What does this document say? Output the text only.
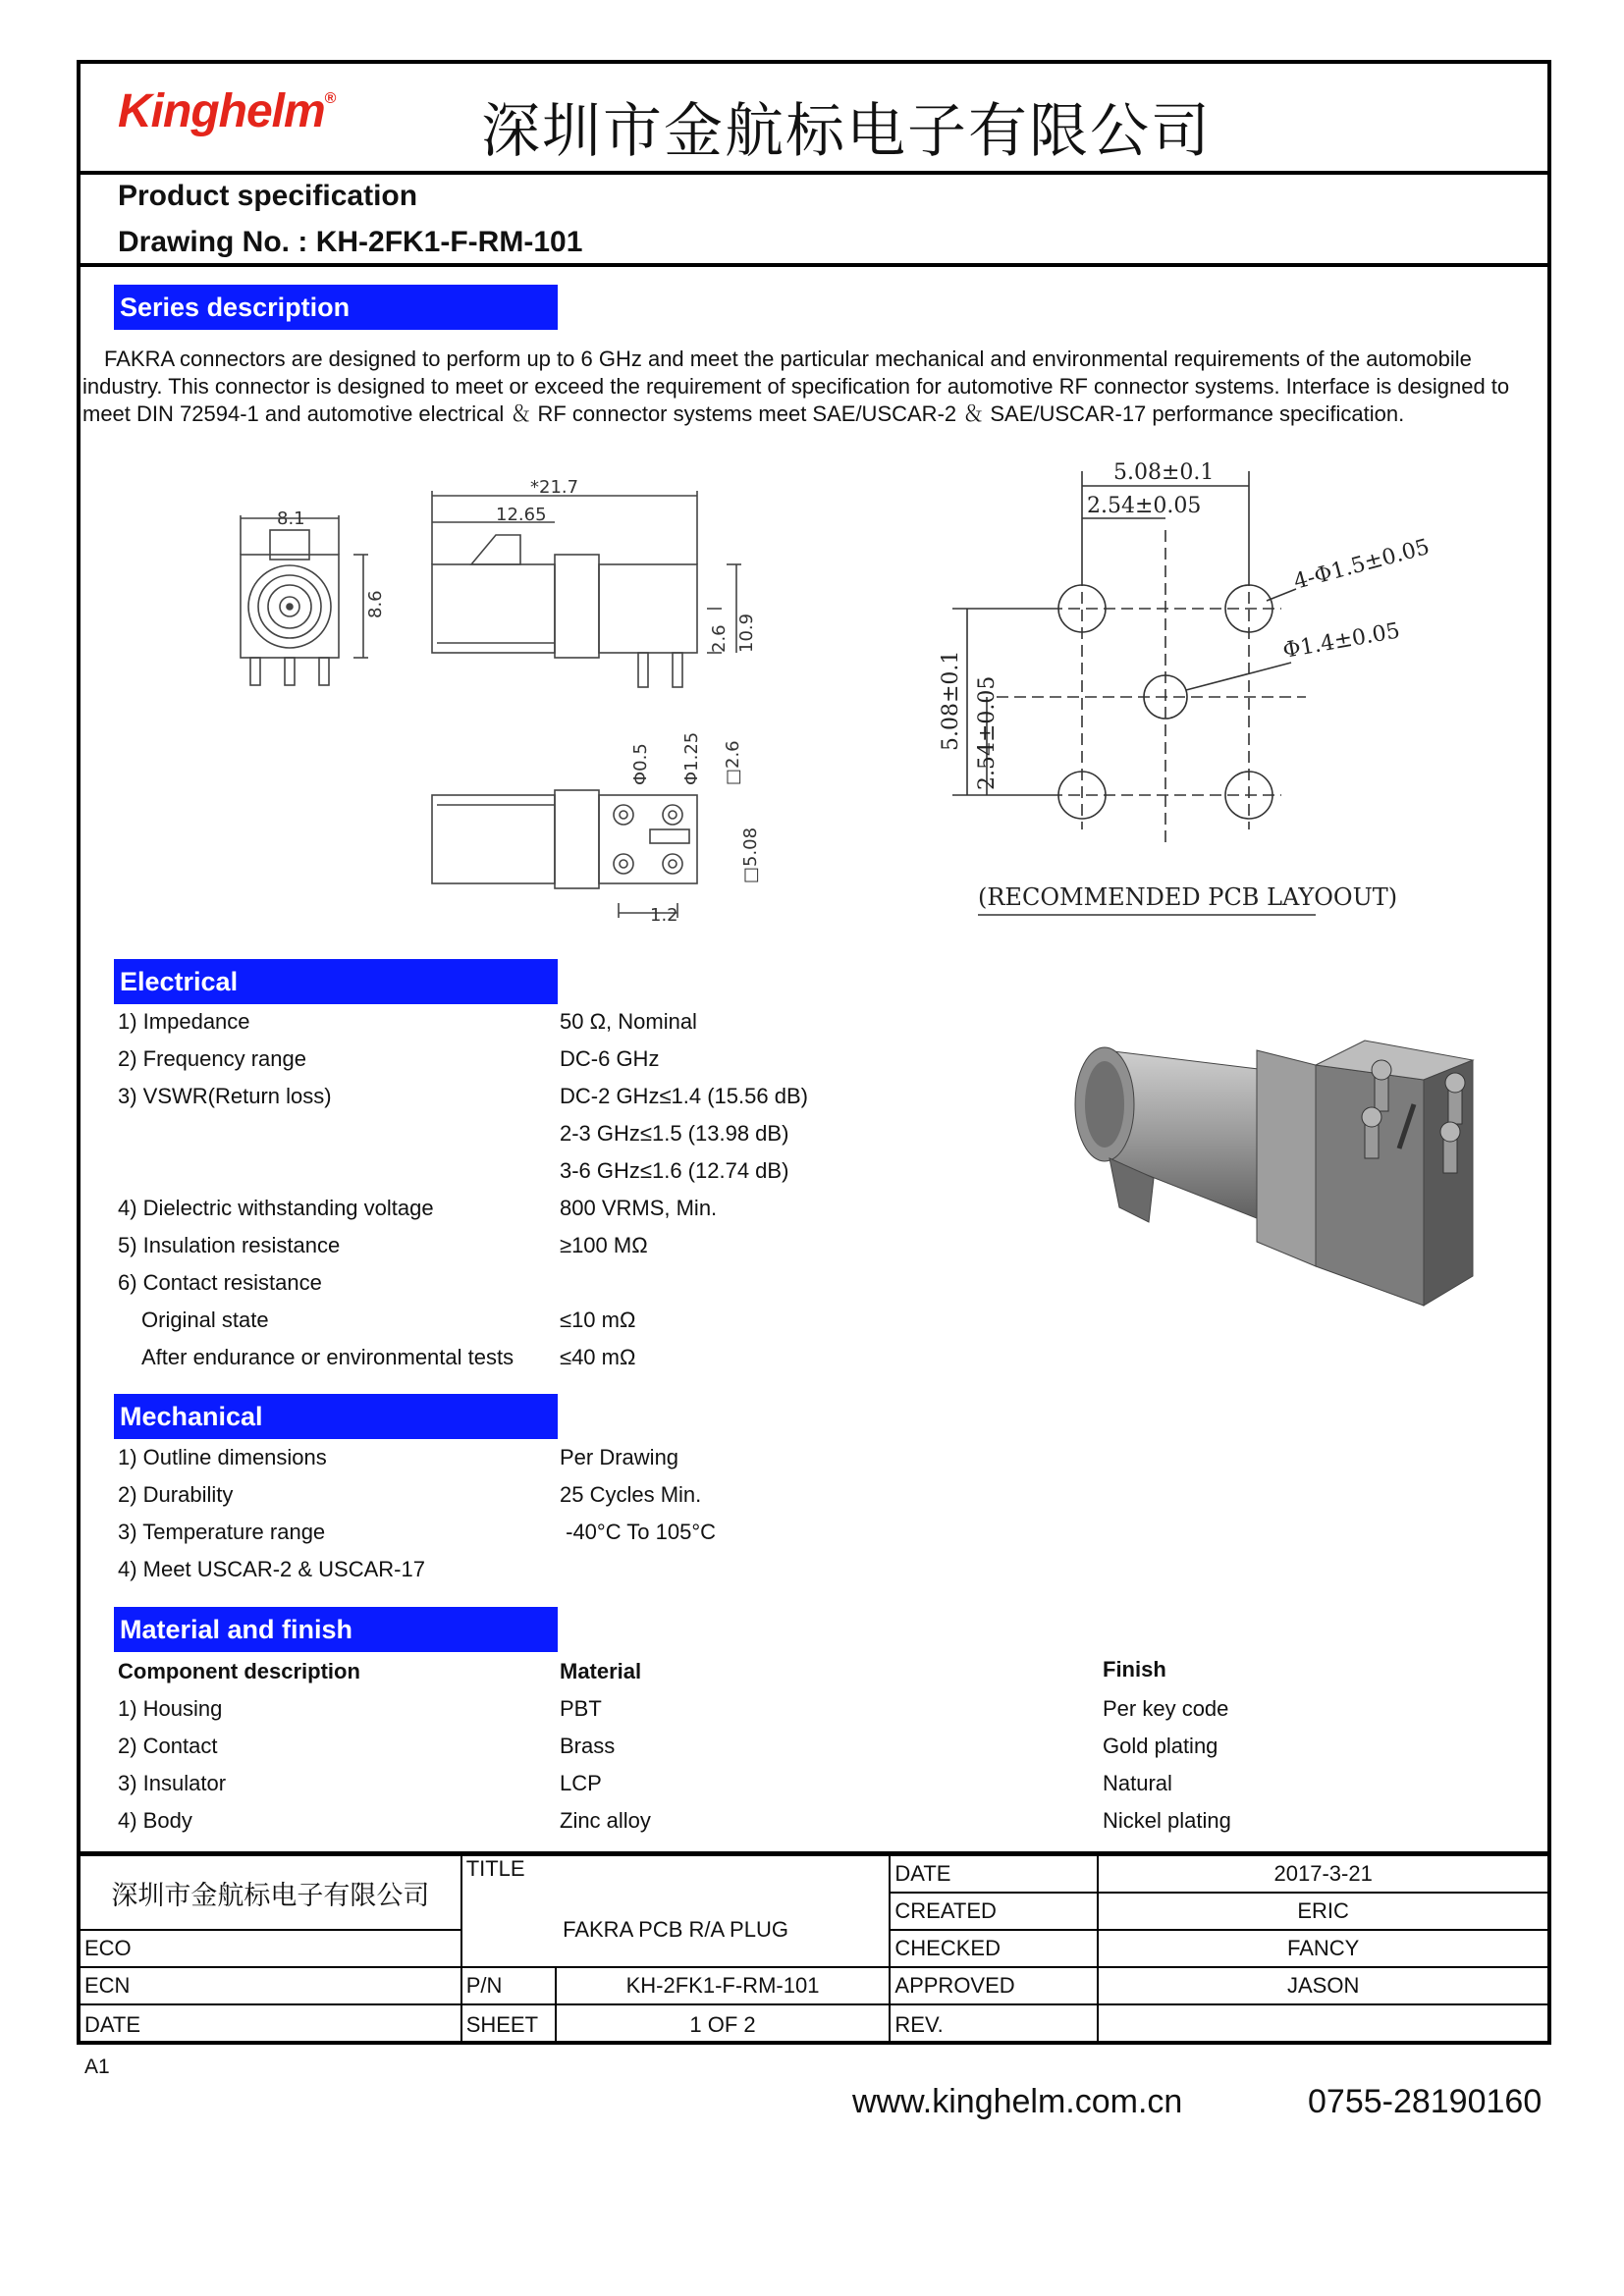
Kinghelm® 深圳市金航标电子有限公司
Product specification
Drawing No. : KH-2FK1-F-RM-101
Series description
FAKRA connectors are designed to perform up to 6 GHz and meet the particular mechanical and environmental requirements of the automobile industry. This connector is designed to meet or exceed the requirement of specification for automotive RF connector systems. Interface is designed to meet DIN 72594-1 and automotive electrical ＆ RF connector systems meet SAE/USCAR-2 ＆ SAE/USCAR-17 performance specification.
8.1
8.6
*21.7
12.65
2.6 10.9
Φ0.5 Φ1.25 □2.6
□5.08
1.2
5.08±0.1
2.54±0.05
4-Φ1.5±0.05
Φ1.4±0.05
5.08±0.1 2.54±0.05
(RECOMMENDED PCB LAYOOUT)
Electrical
1) Impedance	50 Ω, Nominal
2) Frequency range	DC-6 GHz
3) VSWR(Return loss)	DC-2 GHz≤1.4 (15.56 dB)
2-3 GHz≤1.5 (13.98 dB)
3-6 GHz≤1.6 (12.74 dB)
4) Dielectric withstanding voltage	800 VRMS, Min.
5) Insulation resistance	≥100 MΩ
6) Contact resistance
Original state	≤10 mΩ
After endurance or environmental tests ≤40 mΩ
Mechanical
1) Outline dimensions	Per Drawing
2) Durability	25 Cycles Min.
3) Temperature range	-40°C To 105°C
4) Meet USCAR-2 & USCAR-17
Material and finish
Component description	Material	Finish
1) Housing	PBT	Per key code
2) Contact	Brass	Gold plating
3) Insulator	LCP	Natural
4) Body	Zinc alloy	Nickel plating
深圳市金航标电子有限公司	TITLE		DATE	2017-3-21
	FAKRA PCB R/A PLUG		CREATED	ERIC
ECO			CHECKED	FANCY
ECN	P/N	KH-2FK1-F-RM-101	APPROVED	JASON
DATE	SHEET	1 OF 2	REV.	
A1
www.kinghelm.com.cn	0755-28190160
